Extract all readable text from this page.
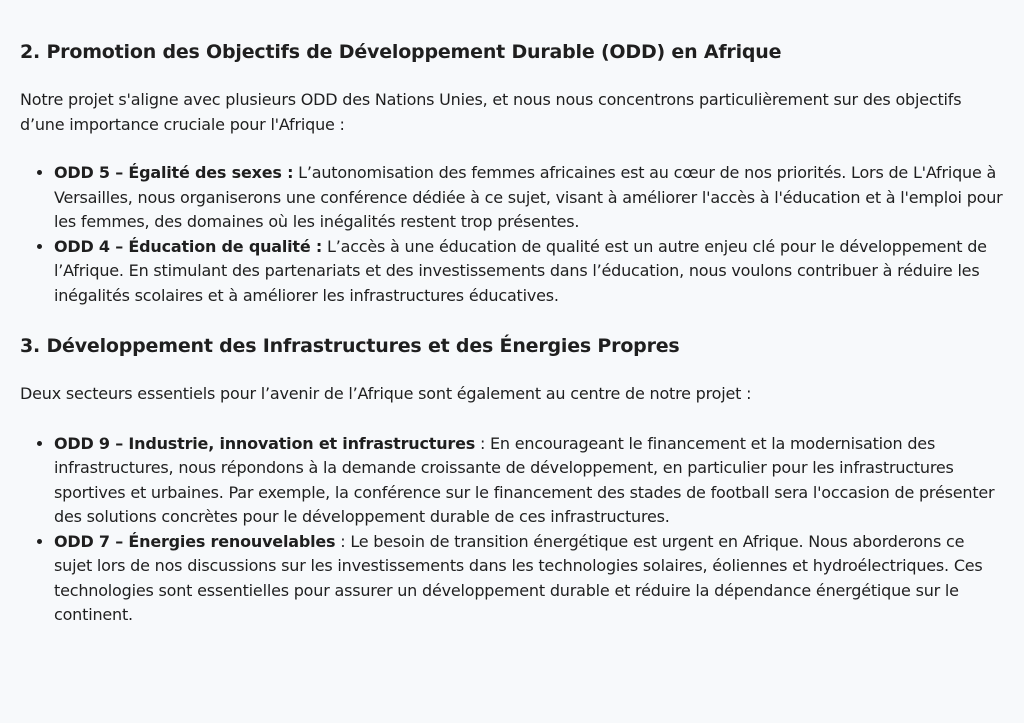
2. Promotion des Objectifs de Développement Durable (ODD) en Afrique

Notre projet s'aligne avec plusieurs ODD des Nations Unies, et nous nous concentrons particulièrement sur des objectifs d’une importance cruciale pour l'Afrique :

• ODD 5 – Égalité des sexes : L’autonomisation des femmes africaines est au cœur de nos priorités. Lors de L'Afrique à Versailles, nous organiserons une conférence dédiée à ce sujet, visant à améliorer l'accès à l'éducation et à l'emploi pour les femmes, des domaines où les inégalités restent trop présentes.
• ODD 4 – Éducation de qualité : L’accès à une éducation de qualité est un autre enjeu clé pour le développement de l’Afrique. En stimulant des partenariats et des investissements dans l’éducation, nous voulons contribuer à réduire les inégalités scolaires et à améliorer les infrastructures éducatives.
3. Développement des Infrastructures et des Énergies Propres

Deux secteurs essentiels pour l’avenir de l’Afrique sont également au centre de notre projet :

• ODD 9 – Industrie, innovation et infrastructures : En encourageant le financement et la modernisation des infrastructures, nous répondons à la demande croissante de développement, en particulier pour les infrastructures sportives et urbaines. Par exemple, la conférence sur le financement des stades de football sera l'occasion de présenter des solutions concrètes pour le développement durable de ces infrastructures.
• ODD 7 – Énergies renouvelables : Le besoin de transition énergétique est urgent en Afrique. Nous aborderons ce sujet lors de nos discussions sur les investissements dans les technologies solaires, éoliennes et hydroélectriques. Ces technologies sont essentielles pour assurer un développement durable et réduire la dépendance énergétique sur le continent.
